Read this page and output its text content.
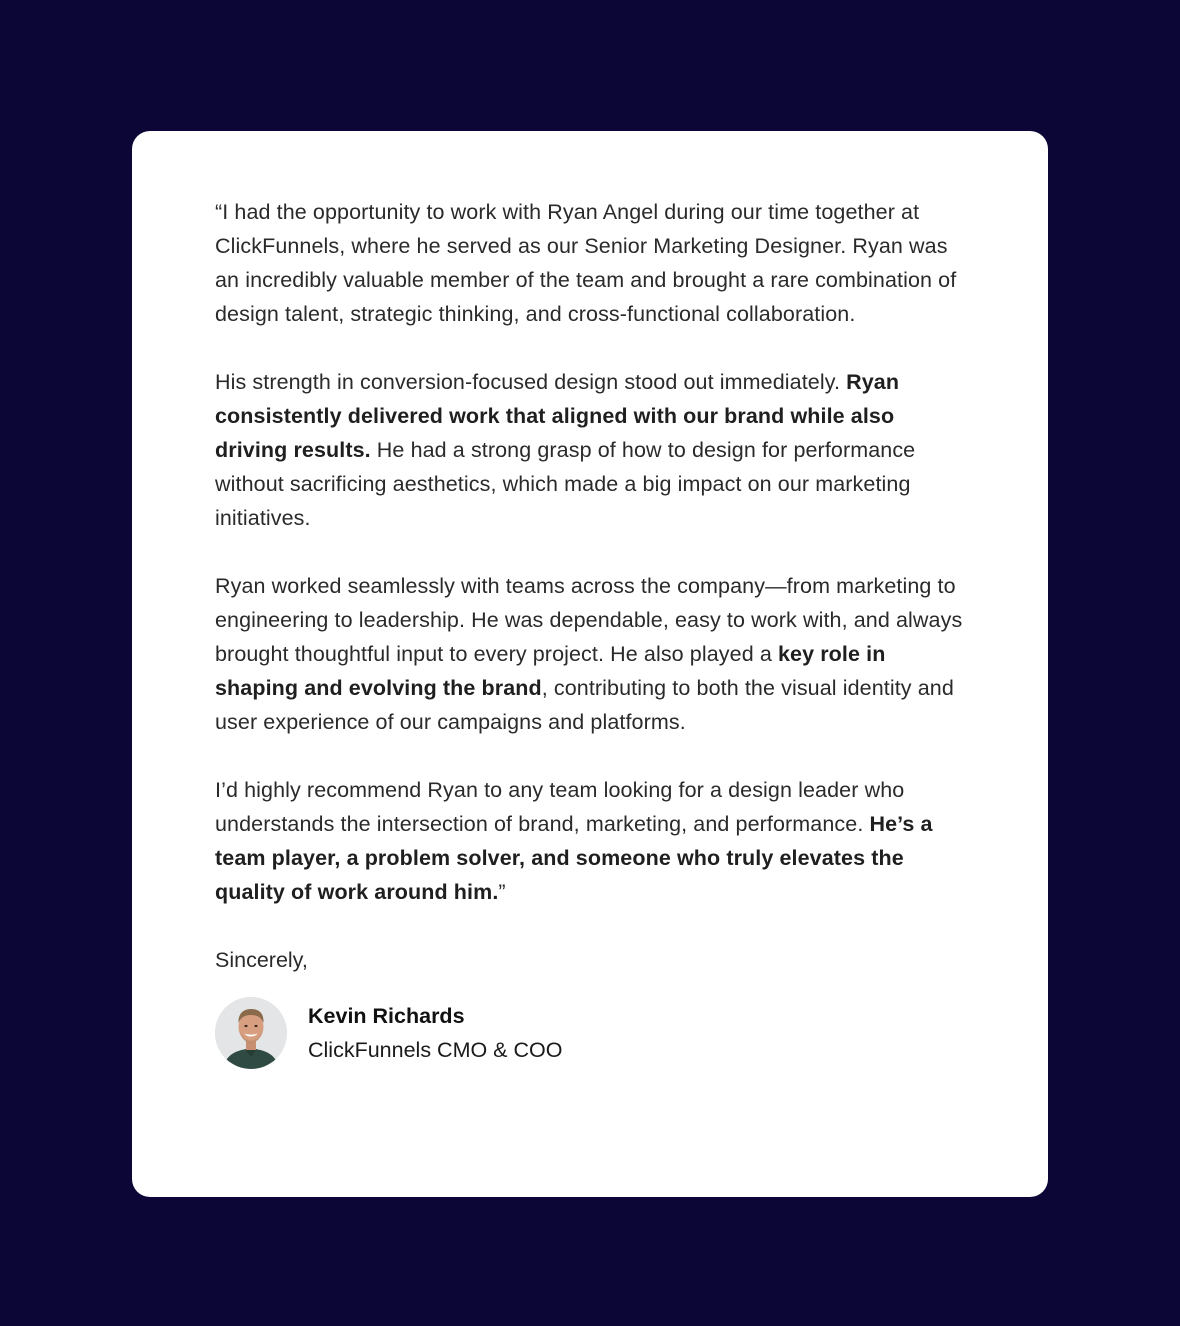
“I had the opportunity to work with Ryan Angel during our time together at ClickFunnels, where he served as our Senior Marketing Designer. Ryan was an incredibly valuable member of the team and brought a rare combination of design talent, strategic thinking, and cross-functional collaboration.

His strength in conversion-focused design stood out immediately. Ryan consistently delivered work that aligned with our brand while also driving results. He had a strong grasp of how to design for performance without sacrificing aesthetics, which made a big impact on our marketing initiatives.

Ryan worked seamlessly with teams across the company—from marketing to engineering to leadership. He was dependable, easy to work with, and always brought thoughtful input to every project. He also played a key role in shaping and evolving the brand, contributing to both the visual identity and user experience of our campaigns and platforms.

I’d highly recommend Ryan to any team looking for a design leader who understands the intersection of brand, marketing, and performance. He’s a team player, a problem solver, and someone who truly elevates the quality of work around him.”

Sincerely,

Kevin Richards
ClickFunnels CMO & COO
